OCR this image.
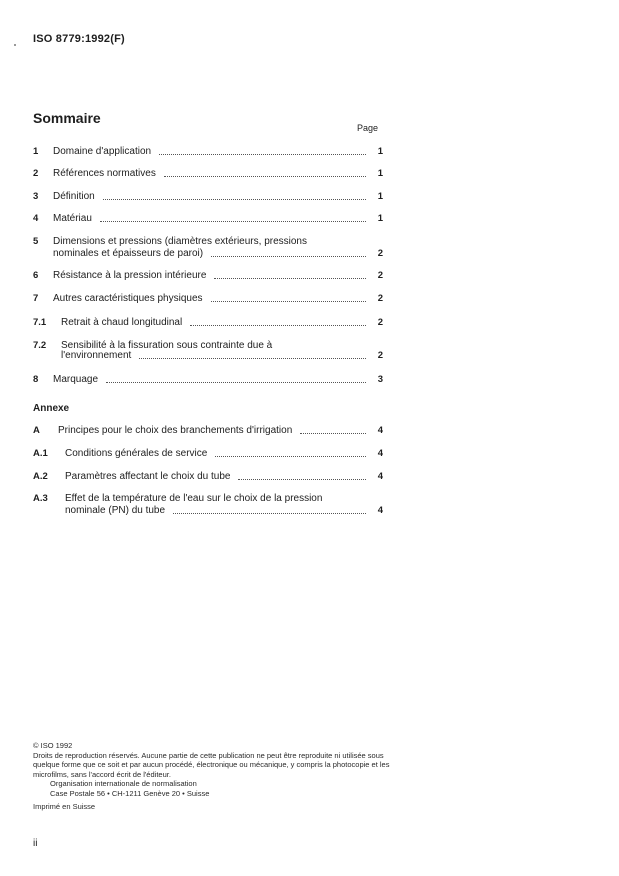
ISO 8779:1992(F)
Sommaire
Page
1 Domaine d'application	1
2 Références normatives	1
3 Définition	1
4 Matériau	1
5 Dimensions et pressions (diamètres extérieurs, pressions
nominales et épaisseurs de paroi)	2
6 Résistance à la pression intérieure	2
7 Autres caractéristiques physiques	2
7.1 Retrait à chaud longitudinal	2
7.2 Sensibilité à la fissuration sous contrainte due à
l'environnement	2
8 Marquage	3
A Principes pour le choix des branchements d'irrigation	4
A.1 Conditions générales de service	4
A.2 Paramètres affectant le choix du tube	4
A.3 Effet de la température de l'eau sur le choix de la pression
nominale (PN) du tube	4
Annexe

© ISO 1992

Droits de reproduction réservés. Aucune partie de cette publication ne peut être reproduite ni utilisée sous quelque forme que ce soit et par aucun procédé, électronique ou mécanique, y compris la photocopie et les microfilms, sans l'accord écrit de l'éditeur.

Organisation internationale de normalisation

Case Postale 56 • CH-1211 Genève 20 • Suisse

Imprimé en Suisse

ii
